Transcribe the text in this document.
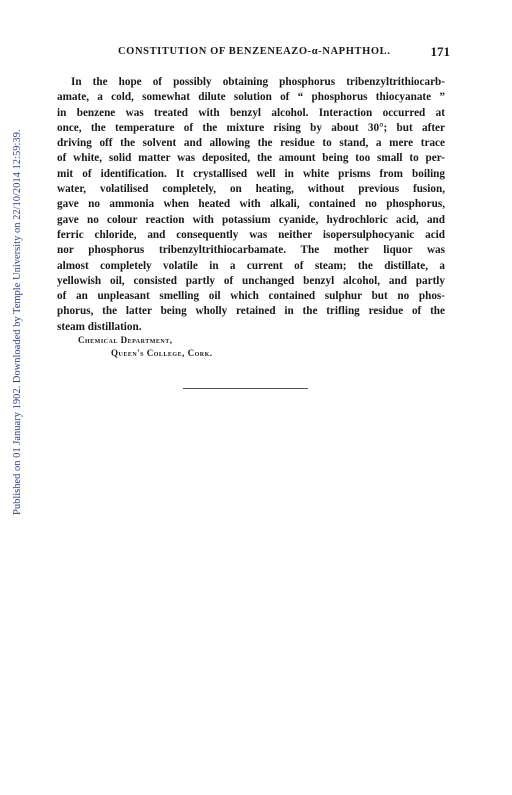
CONSTITUTION OF BENZENEAZO-α-NAPHTHOL.	171
In the hope of possibly obtaining phosphorus tribenzyltrithiocarb-
amate, a cold, somewhat dilute solution of “ phosphorus thiocyanate ”
in benzene was treated with benzyl alcohol. Interaction occurred at
once, the temperature of the mixture rising by about 30°; but after
driving off the solvent and allowing the residue to stand, a mere trace
of white, solid matter was deposited, the amount being too small to per-
mit of identification. It crystallised well in white prisms from boiling
water, volatilised completely, on heating, without previous fusion,
gave no ammonia when heated with alkali, contained no phosphorus,
gave no colour reaction with potassium cyanide, hydrochloric acid, and
ferric chloride, and consequently was neither isopersulphocyanic acid
nor phosphorus tribenzyltrithiocarbamate. The mother liquor was
almost completely volatile in a current of steam; the distillate, a
yellowish oil, consisted partly of unchanged benzyl alcohol, and partly
of an unpleasant smelling oil which contained sulphur but no phos-
phorus, the latter being wholly retained in the trifling residue of the
steam distillation.
Chemical Department,
Queen's College, Cork.
Published on 01 January 1902. Downloaded by Temple University on 22/10/2014 12:59:39.
